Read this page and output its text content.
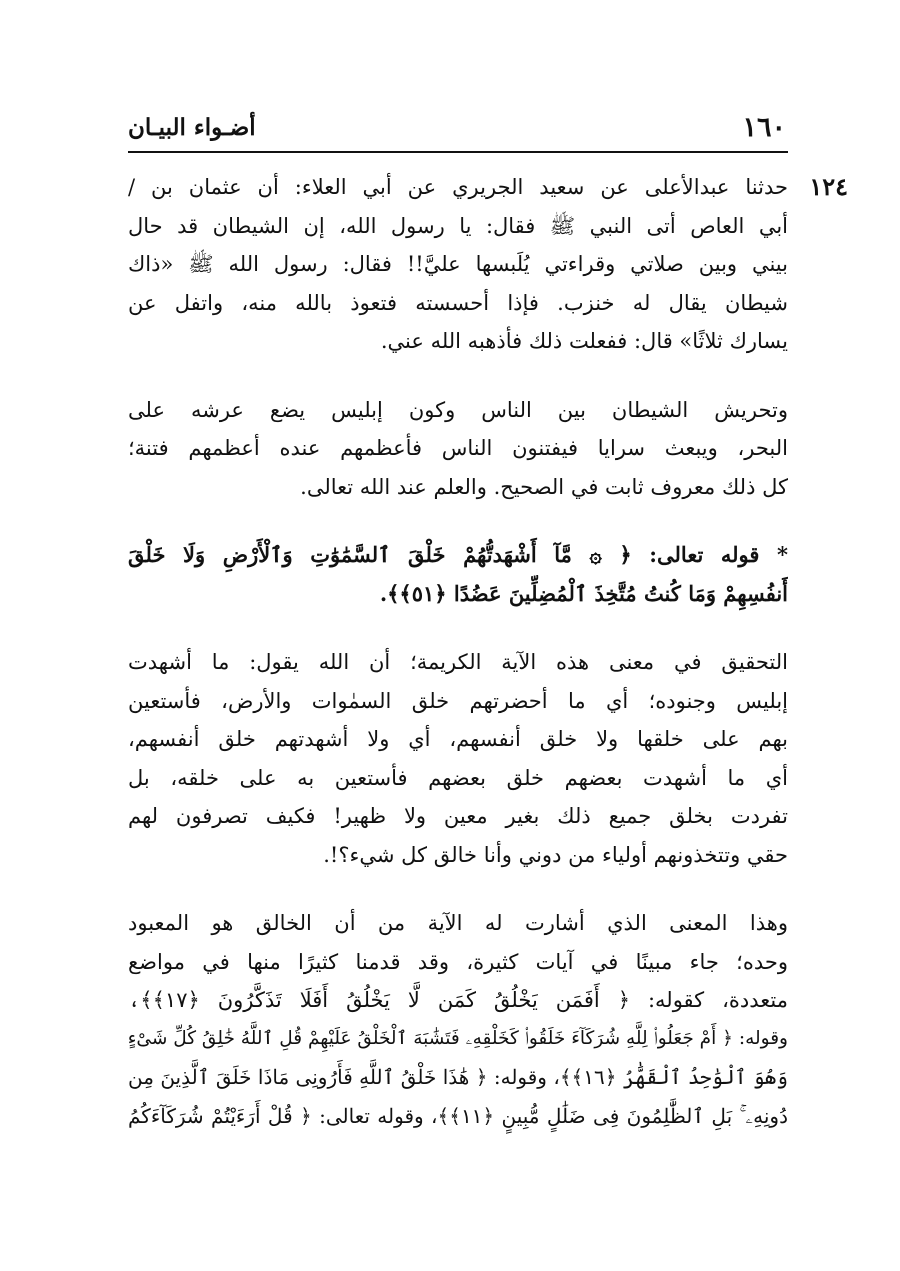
١٦٠
أضـواء البيـان
١٢٤
حدثنا عبدالأعلى عن سعيد الجريري عن أبي العلاء: أن عثمان بن /
أبي العاص أتى النبي ﷺ فقال: يا رسول الله، إن الشيطان قد حال
بيني وبين صلاتي وقراءتي يُلَبسها عليَّ!! فقال: رسول الله ﷺ «ذاك
شيطان يقال له خنزب. فإذا أحسسته فتعوذ بالله منه، واتفل عن
يسارك ثلاثًا» قال: ففعلت ذلك فأذهبه الله عني.
وتحريش الشيطان بين الناس وكون إبليس يضع عرشه على
البحر، ويبعث سرايا فيفتنون الناس فأعظمهم عنده أعظمهم فتنة؛
كل ذلك معروف ثابت في الصحيح. والعلم عند الله تعالى.
* قوله تعالى: ﴿ ۞ مَّآ أَشْهَدتُّهُمْ خَلْقَ ٱلسَّمَٰوَٰتِ وَٱلْأَرْضِ وَلَا خَلْقَ
أَنفُسِهِمْ وَمَا كُنتُ مُتَّخِذَ ٱلْمُضِلِّينَ عَضُدًا ﴿٥١﴾﴾.
التحقيق في معنى هذه الآية الكريمة؛ أن الله يقول: ما أشهدت
إبليس وجنوده؛ أي ما أحضرتهم خلق السمٰوات والأرض، فأستعين
بهم على خلقها ولا خلق أنفسهم، أي ولا أشهدتهم خلق أنفسهم،
أي ما أشهدت بعضهم خلق بعضهم فأستعين به على خلقه، بل
تفردت بخلق جميع ذلك بغير معين ولا ظهير! فكيف تصرفون لهم
حقي وتتخذونهم أولياء من دوني وأنا خالق كل شيء؟!.
وهذا المعنى الذي أشارت له الآية من أن الخالق هو المعبود
وحده؛ جاء مبينًا في آيات كثيرة، وقد قدمنا كثيرًا منها في مواضع
متعددة، كقوله: ﴿ أَفَمَن يَخْلُقُ كَمَن لَّا يَخْلُقُ أَفَلَا تَذَكَّرُونَ ﴿١٧﴾﴾،
وقوله: ﴿ أَمْ جَعَلُوا۟ لِلَّهِ شُرَكَآءَ خَلَقُوا۟ كَخَلْقِهِۦ فَتَشَٰبَهَ ٱلْخَلْقُ عَلَيْهِمْ قُلِ ٱللَّهُ خَٰلِقُ كُلِّ شَىْءٍ
وَهُوَ ٱلْوَٰحِدُ ٱلْقَهَّٰرُ ﴿١٦﴾﴾، وقوله: ﴿ هَٰذَا خَلْقُ ٱللَّهِ فَأَرُونِى مَاذَا خَلَقَ ٱلَّذِينَ مِن
دُونِهِۦ ۚ بَلِ ٱلظَّٰلِمُونَ فِى ضَلَٰلٍ مُّبِينٍ ﴿١١﴾﴾، وقوله تعالى: ﴿ قُلْ أَرَءَيْتُمْ شُرَكَآءَكُمُ
